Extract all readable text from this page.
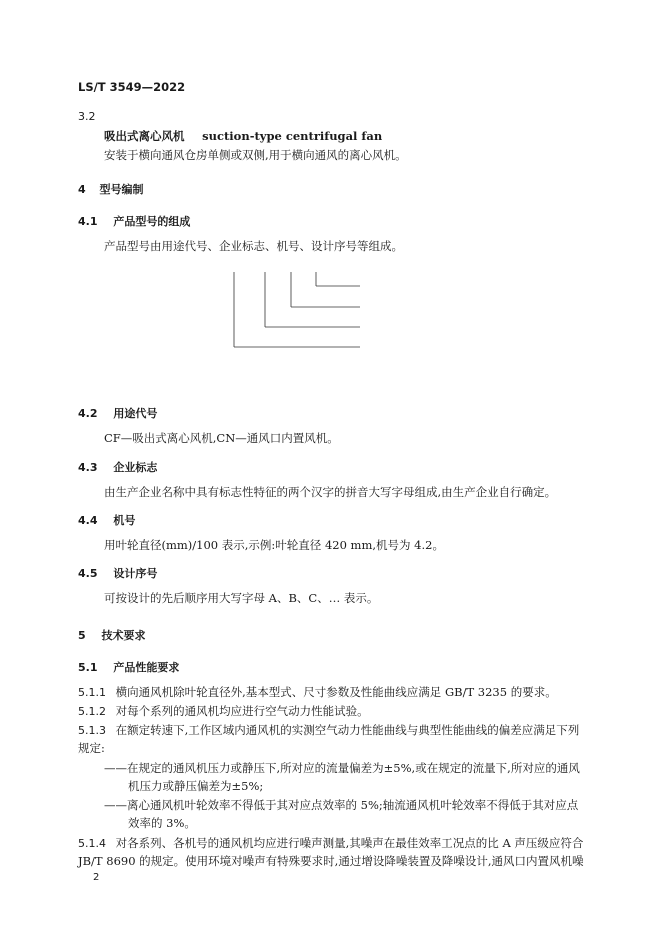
LS/T 3549—2022
3.2
吸出式离心风机 suction-type centrifugal fan
安装于横向通风仓房单侧或双侧,用于横向通风的离心风机。
4 型号编制
4.1 产品型号的组成
产品型号由用途代号、企业标志、机号、设计序号等组成。
4.2 用途代号
CF—吸出式离心风机,CN—通风口内置风机。
4.3 企业标志
由生产企业名称中具有标志性特征的两个汉字的拼音大写字母组成,由生产企业自行确定。
4.4 机号
用叶轮直径(mm)/100 表示,示例:叶轮直径 420 mm,机号为 4.2。
4.5 设计序号
可按设计的先后顺序用大写字母 A、B、C、… 表示。
5 技术要求
5.1 产品性能要求
5.1.1 横向通风机除叶轮直径外,基本型式、尺寸参数及性能曲线应满足 GB/T 3235 的要求。
5.1.2 对每个系列的通风机均应进行空气动力性能试验。
5.1.3 在额定转速下,工作区域内通风机的实测空气动力性能曲线与典型性能曲线的偏差应满足下列
规定:
——在规定的通风机压力或静压下,所对应的流量偏差为±5%,或在规定的流量下,所对应的通风
机压力或静压偏差为±5%;
——离心通风机叶轮效率不得低于其对应点效率的 5%;轴流通风机叶轮效率不得低于其对应点
效率的 3%。
5.1.4 对各系列、各机号的通风机均应进行噪声测量,其噪声在最佳效率工况点的比 A 声压级应符合
JB/T 8690 的规定。使用环境对噪声有特殊要求时,通过增设降噪装置及降噪设计,通风口内置风机噪
2
